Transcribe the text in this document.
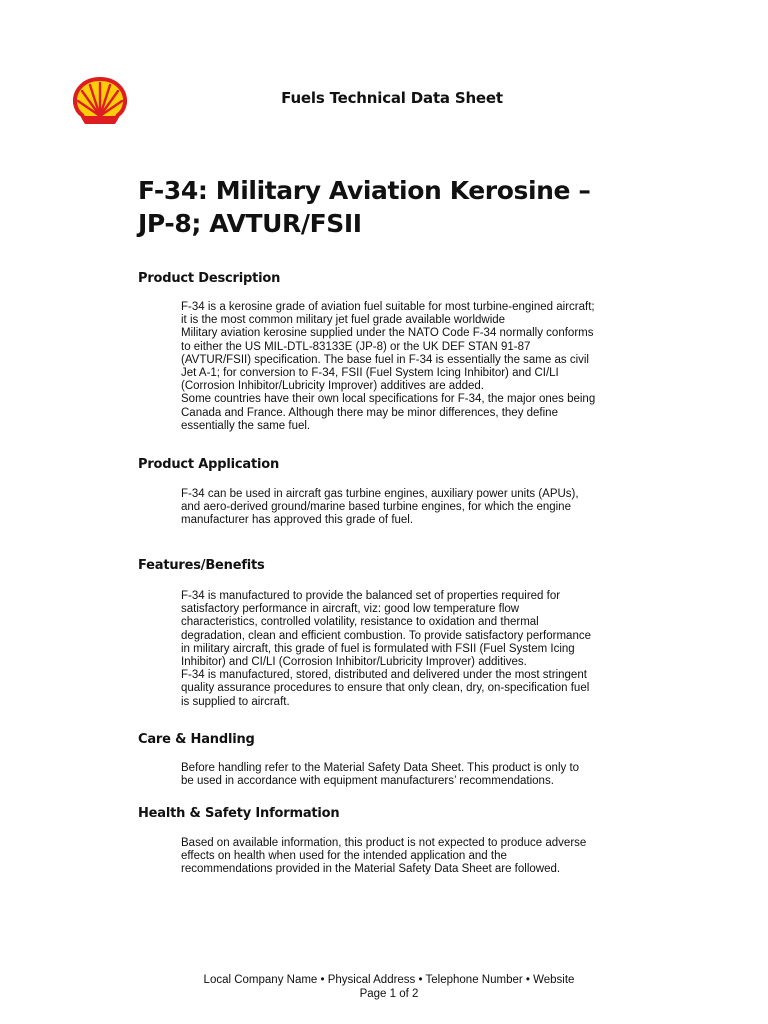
Fuels Technical Data Sheet
F-34: Military Aviation Kerosine –
JP-8; AVTUR/FSII
Product Description

F-34 is a kerosine grade of aviation fuel suitable for most turbine-engined aircraft;

it is the most common military jet fuel grade available worldwide

Military aviation kerosine supplied under the NATO Code F-34 normally conforms

to either the US MIL-DTL-83133E (JP-8) or the UK DEF STAN 91-87

(AVTUR/FSII) specification. The base fuel in F-34 is essentially the same as civil

Jet A-1; for conversion to F-34, FSII (Fuel System Icing Inhibitor) and CI/LI

(Corrosion Inhibitor/Lubricity Improver) additives are added.

Some countries have their own local specifications for F-34, the major ones being

Canada and France. Although there may be minor differences, they define

essentially the same fuel.

Product Application

F-34 can be used in aircraft gas turbine engines, auxiliary power units (APUs),

and aero-derived ground/marine based turbine engines, for which the engine

manufacturer has approved this grade of fuel.

Features/Benefits

F-34 is manufactured to provide the balanced set of properties required for

satisfactory performance in aircraft, viz: good low temperature flow

characteristics, controlled volatility, resistance to oxidation and thermal

degradation, clean and efficient combustion. To provide satisfactory performance

in military aircraft, this grade of fuel is formulated with FSII (Fuel System Icing

Inhibitor) and CI/LI (Corrosion Inhibitor/Lubricity Improver) additives.

F-34 is manufactured, stored, distributed and delivered under the most stringent

quality assurance procedures to ensure that only clean, dry, on-specification fuel

is supplied to aircraft.

Care & Handling

Before handling refer to the Material Safety Data Sheet. This product is only to

be used in accordance with equipment manufacturers’ recommendations.

Health & Safety Information

Based on available information, this product is not expected to produce adverse

effects on health when used for the intended application and the

recommendations provided in the Material Safety Data Sheet are followed.

Local Company Name • Physical Address • Telephone Number • Website
Page 1 of 2
